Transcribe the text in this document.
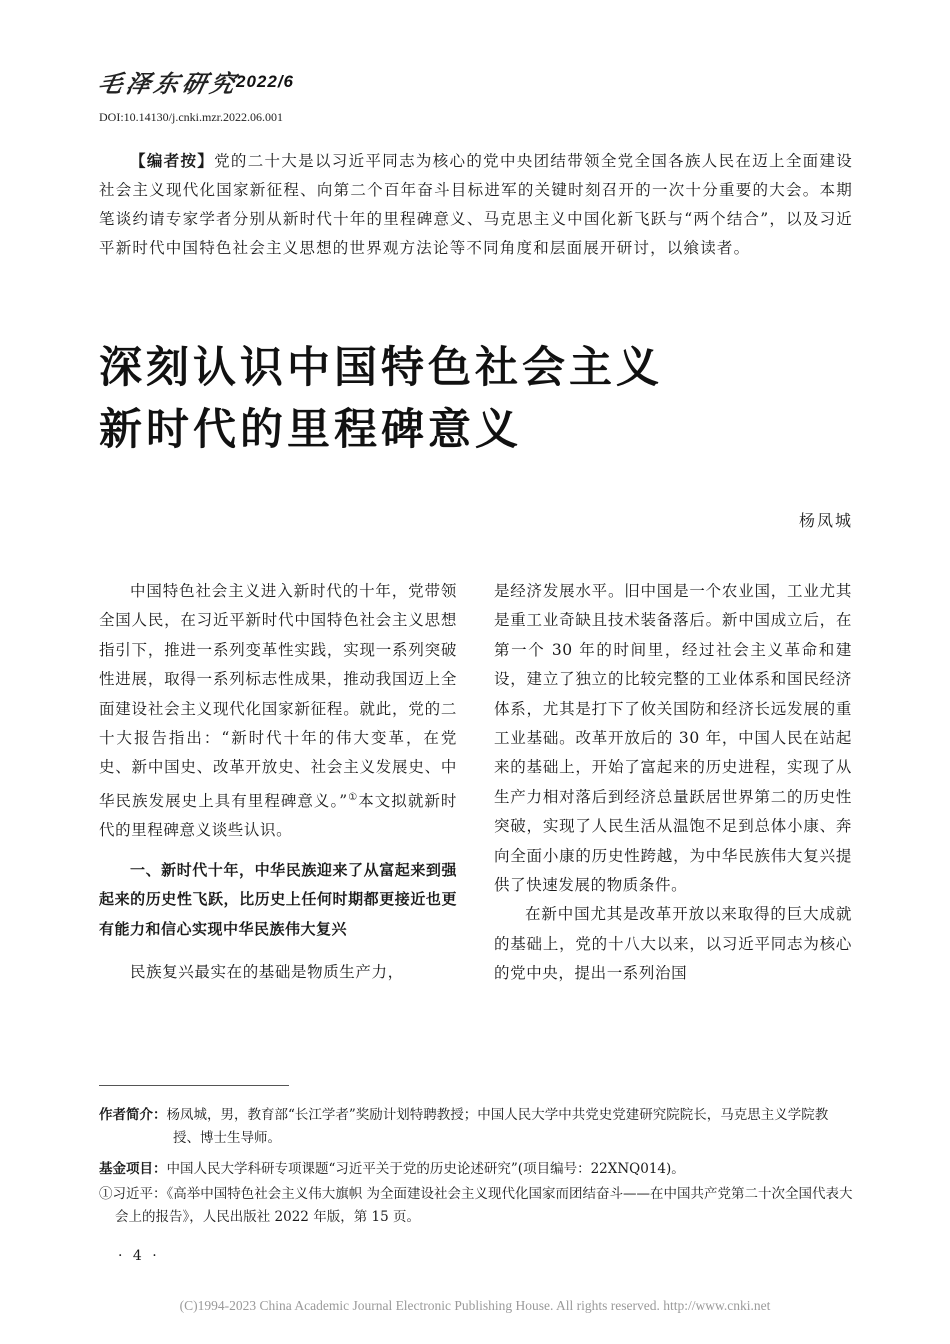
毛泽东研究
2022/6
DOI:10.14130/j.cnki.mzr.2022.06.001
【编者按】党的二十大是以习近平同志为核心的党中央团结带领全党全国各族人民在迈上全面建设社会主义现代化国家新征程、向第二个百年奋斗目标进军的关键时刻召开的一次十分重要的大会。本期笔谈约请专家学者分别从新时代十年的里程碑意义、马克思主义中国化新飞跃与“两个结合”，以及习近平新时代中国特色社会主义思想的世界观方法论等不同角度和层面展开研讨，以飨读者。
深刻认识中国特色社会主义
新时代的里程碑意义
杨凤城

中国特色社会主义进入新时代的十年，党带领全国人民，在习近平新时代中国特色社会主义思想指引下，推进一系列变革性实践，实现一系列突破性进展，取得一系列标志性成果，推动我国迈上全面建设社会主义现代化国家新征程。就此，党的二十大报告指出：“新时代十年的伟大变革，在党史、新中国史、改革开放史、社会主义发展史、中华民族发展史上具有里程碑意义。”①本文拟就新时代的里程碑意义谈些认识。

一、新时代十年，中华民族迎来了从富起来到强起来的历史性飞跃，比历史上任何时期都更接近也更有能力和信心实现中华民族伟大复兴

民族复兴最实在的基础是物质生产力，

是经济发展水平。旧中国是一个农业国，工业尤其是重工业奇缺且技术装备落后。新中国成立后，在第一个 30 年的时间里，经过社会主义革命和建设，建立了独立的比较完整的工业体系和国民经济体系，尤其是打下了攸关国防和经济长远发展的重工业基础。改革开放后的 30 年，中国人民在站起来的基础上，开始了富起来的历史进程，实现了从生产力相对落后到经济总量跃居世界第二的历史性突破，实现了人民生活从温饱不足到总体小康、奔向全面小康的历史性跨越，为中华民族伟大复兴提供了快速发展的物质条件。

在新中国尤其是改革开放以来取得的巨大成就的基础上，党的十八大以来，以习近平同志为核心的党中央，提出一系列治国

作者简介：杨凤城，男，教育部“长江学者”奖励计划特聘教授；中国人民大学中共党史党建研究院院长，马克思主义学院教授、博士生导师。
基金项目：中国人民大学科研专项课题“习近平关于党的历史论述研究”(项目编号：22XNQ014)。
①习近平：《高举中国特色社会主义伟大旗帜 为全面建设社会主义现代化国家而团结奋斗——在中国共产党第二十次全国代表大会上的报告》，人民出版社 2022 年版，第 15 页。
· 4 ·
(C)1994-2023 China Academic Journal Electronic Publishing House. All rights reserved. http://www.cnki.net
